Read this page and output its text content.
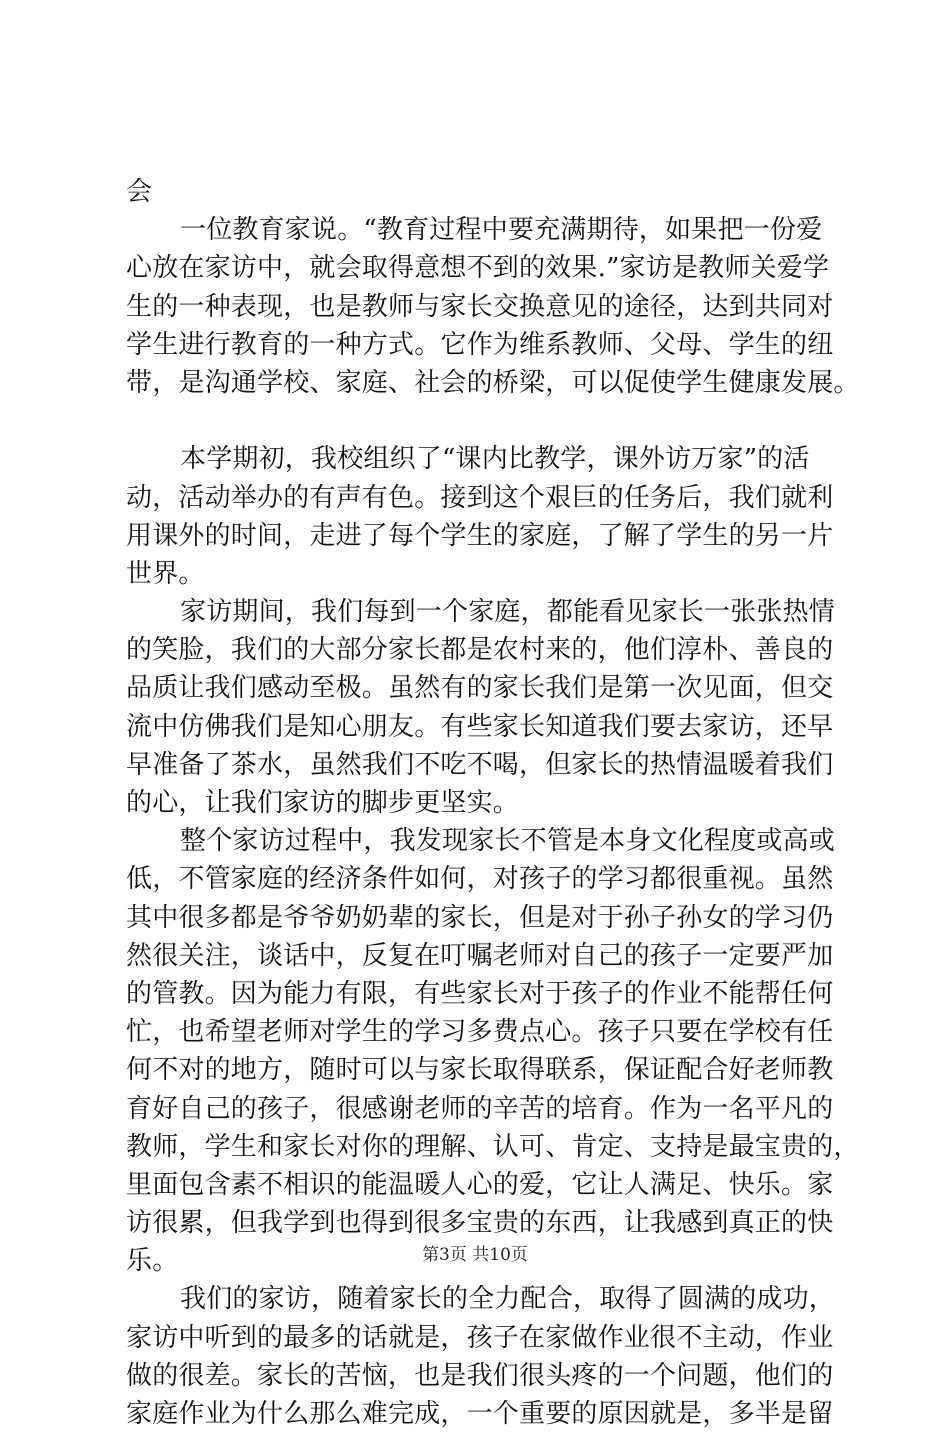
会
一位教育家说。“教育过程中要充满期待，如果把一份爱
心放在家访中，就会取得意想不到的效果.”家访是教师关爱学
生的一种表现，也是教师与家长交换意见的途径，达到共同对
学生进行教育的一种方式。它作为维系教师、父母、学生的纽
带，是沟通学校、家庭、社会的桥梁，可以促使学生健康发展。
本学期初，我校组织了“课内比教学，课外访万家”的活
动，活动举办的有声有色。接到这个艰巨的任务后，我们就利
用课外的时间，走进了每个学生的家庭，了解了学生的另一片
世界。
家访期间，我们每到一个家庭，都能看见家长一张张热情
的笑脸，我们的大部分家长都是农村来的，他们淳朴、善良的
品质让我们感动至极。虽然有的家长我们是第一次见面，但交
流中仿佛我们是知心朋友。有些家长知道我们要去家访，还早
早准备了茶水，虽然我们不吃不喝，但家长的热情温暖着我们
的心，让我们家访的脚步更坚实。
整个家访过程中，我发现家长不管是本身文化程度或高或
低，不管家庭的经济条件如何，对孩子的学习都很重视。虽然
其中很多都是爷爷奶奶辈的家长，但是对于孙子孙女的学习仍
然很关注，谈话中，反复在叮嘱老师对自己的孩子一定要严加
的管教。因为能力有限，有些家长对于孩子的作业不能帮任何
忙，也希望老师对学生的学习多费点心。孩子只要在学校有任
何不对的地方，随时可以与家长取得联系，保证配合好老师教
育好自己的孩子，很感谢老师的辛苦的培育。作为一名平凡的
教师，学生和家长对你的理解、认可、肯定、支持是最宝贵的，
里面包含素不相识的能温暖人心的爱，它让人满足、快乐。家
访很累，但我学到也得到很多宝贵的东西，让我感到真正的快
乐。
我们的家访，随着家长的全力配合，取得了圆满的成功，
家访中听到的最多的话就是，孩子在家做作业很不主动，作业
做的很差。家长的苦恼，也是我们很头疼的一个问题，他们的
家庭作业为什么那么难完成，一个重要的原因就是，多半是留
第3页 共10页
